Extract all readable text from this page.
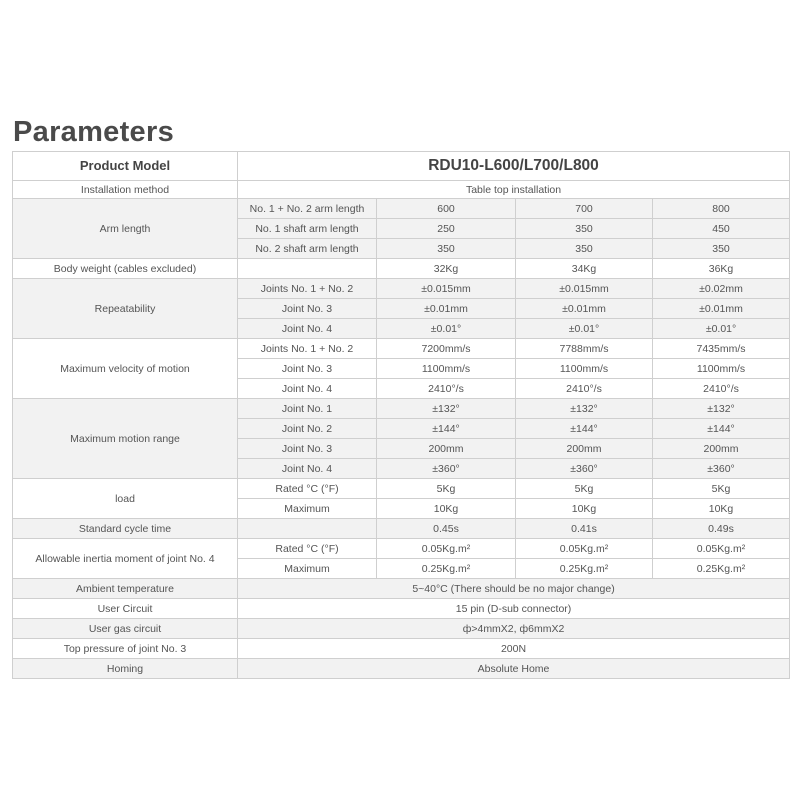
Parameters
Product Model	RDU10-L600/L700/L800			
Installation method	Table top installation			
Arm length	No. 1 + No. 2 arm length	600	700	800
	No. 1 shaft arm length	250	350	450
	No. 2 shaft arm length	350	350	350
Body weight (cables excluded)		32Kg	34Kg	36Kg
Repeatability	Joints No. 1 + No. 2	±0.015mm	±0.015mm	±0.02mm
	Joint No. 3	±0.01mm	±0.01mm	±0.01mm
	Joint No. 4	±0.01°	±0.01°	±0.01°
Maximum velocity of motion	Joints No. 1 + No. 2	7200mm/s	7788mm/s	7435mm/s
	Joint No. 3	1100mm/s	1100mm/s	1100mm/s
	Joint No. 4	2410°/s	2410°/s	2410°/s
Maximum motion range	Joint No. 1	±132°	±132°	±132°
	Joint No. 2	±144°	±144°	±144°
	Joint No. 3	200mm	200mm	200mm
	Joint No. 4	±360°	±360°	±360°
load	Rated °C (°F)	5Kg	5Kg	5Kg
	Maximum	10Kg	10Kg	10Kg
Standard cycle time		0.45s	0.41s	0.49s
Allowable inertia moment of joint No. 4	Rated °C (°F)	0.05Kg.m²	0.05Kg.m²	0.05Kg.m²
	Maximum	0.25Kg.m²	0.25Kg.m²	0.25Kg.m²
Ambient temperature	5~40°C (There should be no major change)			
User Circuit	15 pin (D-sub connector)			
User gas circuit	ф>4mmX2, ф6mmX2			
Top pressure of joint No. 3	200N			
Homing	Absolute Home			
